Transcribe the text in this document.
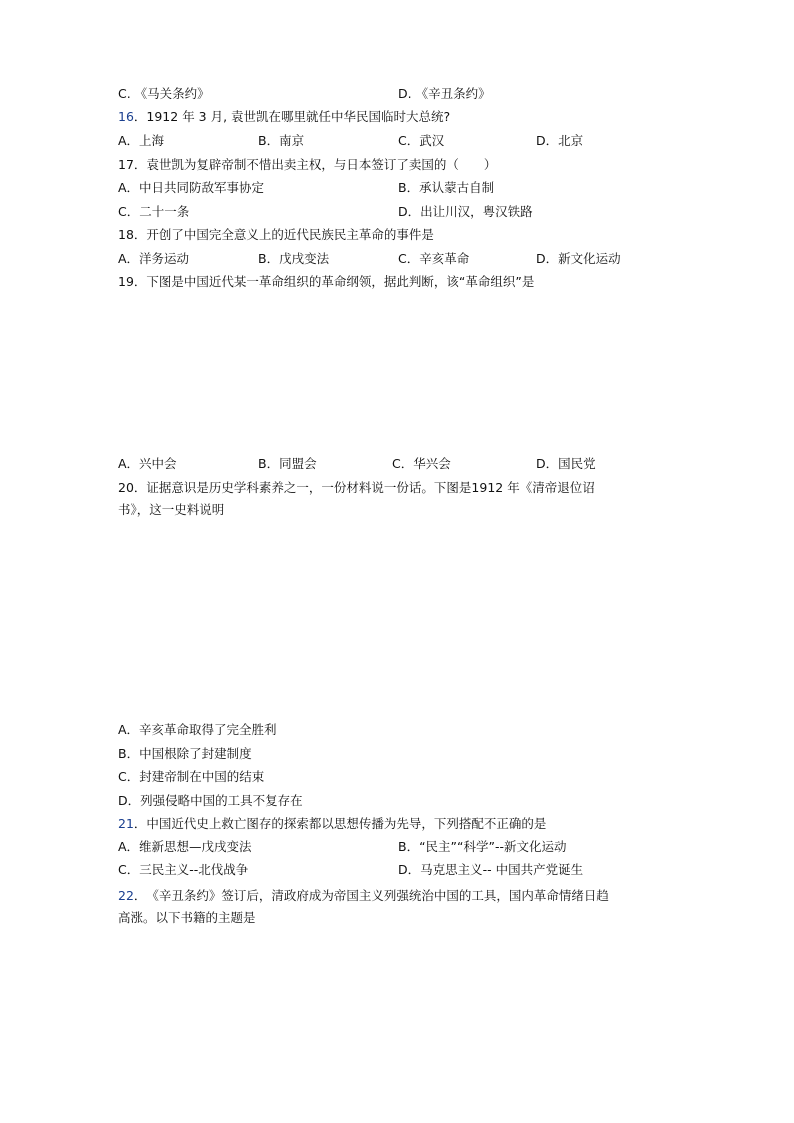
C. 《马关条约》	D. 《辛丑条约》
16．1912 年 3 月, 袁世凯在哪里就任中华民国临时大总统?
A．上海	B．南京	C．武汉	D．北京
17．袁世凯为复辟帝制不惜出卖主权，与日本签订了卖国的（　　）
A．中日共同防敌军事协定	B．承认蒙古自制
C．二十一条	D．出让川汉，粤汉铁路
18．开创了中国完全意义上的近代民族民主革命的事件是
A．洋务运动	B．戊戌变法	C．辛亥革命	D．新文化运动
19．下图是中国近代某一革命组织的革命纲领，据此判断，该“革命组织”是
A．兴中会	B．同盟会	C．华兴会	D．国民党
20．证据意识是历史学科素养之一，一份材料说一份话。下图是1912 年《清帝退位诏
书》，这一史料说明
A．辛亥革命取得了完全胜利
B．中国根除了封建制度
C．封建帝制在中国的结束
D．列强侵略中国的工具不复存在
21．中国近代史上救亡图存的探索都以思想传播为先导，下列搭配不正确的是
A．维新思想—戊戌变法	B．“民主”“科学”--新文化运动
C．三民主义--北伐战争	D．马克思主义-- 中国共产党诞生
22．　《辛丑条约》签订后，清政府成为帝国主义列强统治中国的工具，国内革命情绪日趋
高涨。以下书籍的主题是
